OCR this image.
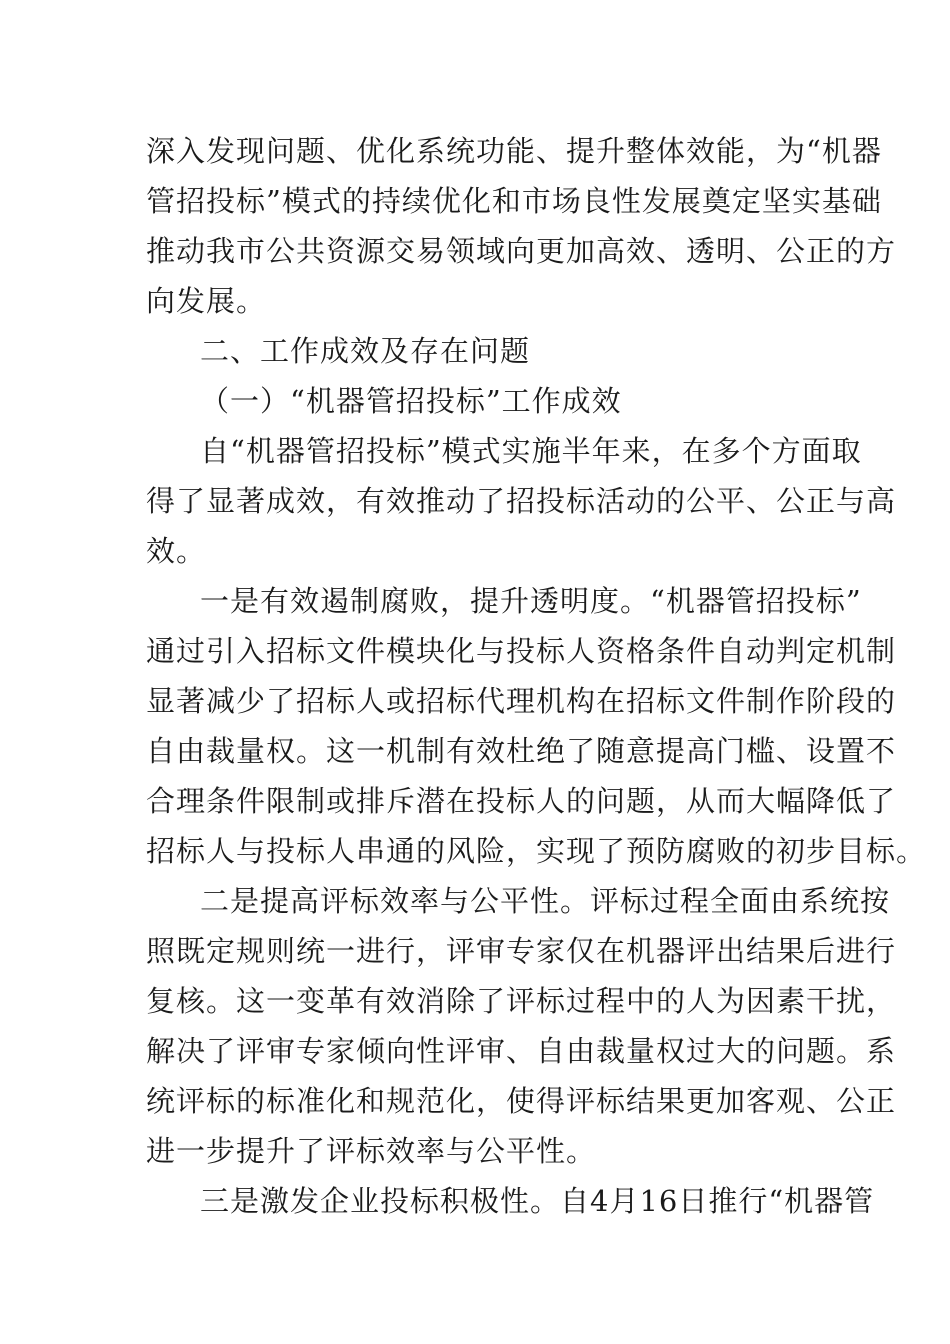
深入发现问题、优化系统功能、提升整体效能，为“机器
管招投标”模式的持续优化和市场良性发展奠定坚实基础
推动我市公共资源交易领域向更加高效、透明、公正的方
向发展。
二、工作成效及存在问题
（一）“机器管招投标”工作成效
自“机器管招投标”模式实施半年来，在多个方面取
得了显著成效，有效推动了招投标活动的公平、公正与高
效。
一是有效遏制腐败，提升透明度。“机器管招投标”
通过引入招标文件模块化与投标人资格条件自动判定机制
显著减少了招标人或招标代理机构在招标文件制作阶段的
自由裁量权。这一机制有效杜绝了随意提高门槛、设置不
合理条件限制或排斥潜在投标人的问题，从而大幅降低了
招标人与投标人串通的风险，实现了预防腐败的初步目标。
二是提高评标效率与公平性。评标过程全面由系统按
照既定规则统一进行，评审专家仅在机器评出结果后进行
复核。这一变革有效消除了评标过程中的人为因素干扰，
解决了评审专家倾向性评审、自由裁量权过大的问题。系
统评标的标准化和规范化，使得评标结果更加客观、公正
进一步提升了评标效率与公平性。
三是激发企业投标积极性。自4月16日推行“机器管
